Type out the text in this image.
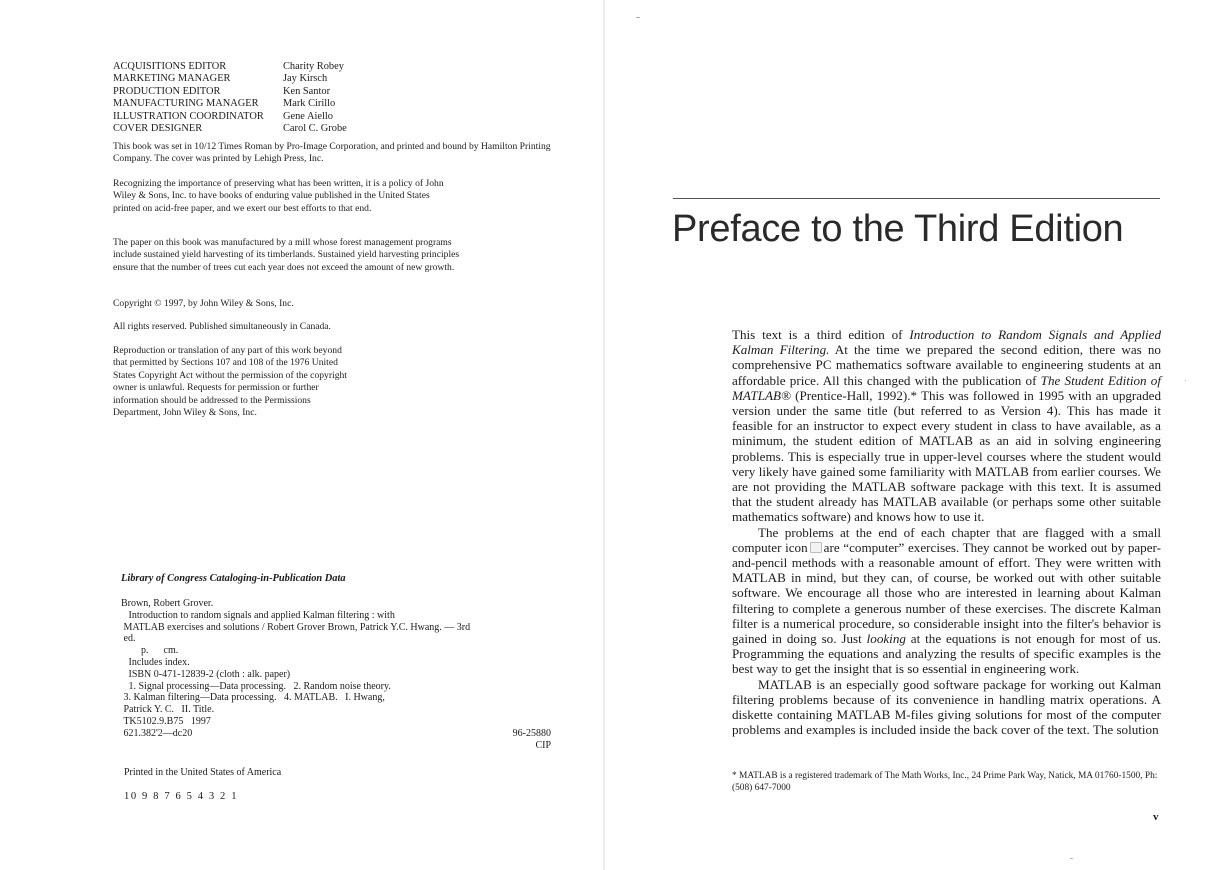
ACQUISITIONS EDITOR	Charity Robey
MARKETING MANAGER	Jay Kirsch
PRODUCTION EDITOR	Ken Santor
MANUFACTURING MANAGER	Mark Cirillo
ILLUSTRATION COORDINATOR	Gene Aiello
COVER DESIGNER	Carol C. Grobe
This book was set in 10/12 Times Roman by Pro-Image Corporation, and printed and bound by Hamilton Printing Company. The cover was printed by Lehigh Press, Inc.
Recognizing the importance of preserving what has been written, it is a policy of John Wiley & Sons, Inc. to have books of enduring value published in the United States printed on acid-free paper, and we exert our best efforts to that end.
The paper on this book was manufactured by a mill whose forest management programs include sustained yield harvesting of its timberlands. Sustained yield harvesting principles ensure that the number of trees cut each year does not exceed the amount of new growth.
Copyright © 1997, by John Wiley & Sons, Inc.
All rights reserved. Published simultaneously in Canada.
Reproduction or translation of any part of this work beyond that permitted by Sections 107 and 108 of the 1976 United States Copyright Act without the permission of the copyright owner is unlawful. Requests for permission or further information should be addressed to the Permissions Department, John Wiley & Sons, Inc.
Library of Congress Cataloging-in-Publication Data
Brown, Robert Grover.
Introduction to random signals and applied Kalman filtering : with
MATLAB exercises and solutions / Robert Grover Brown, Patrick Y.C. Hwang. — 3rd
ed.
p.      cm.
Includes index.
ISBN 0-471-12839-2 (cloth : alk. paper)
1. Signal processing—Data processing.   2. Random noise theory.
3. Kalman filtering—Data processing.   4. MATLAB.   I. Hwang,
Patrick Y. C.   II. Title.
TK5102.9.B75   1997
621.382'2—dc20	96-25880
CIP
Printed in the United States of America
10 9 8 7 6 5 4 3 2 1
Preface to the Third Edition

This text is a third edition of Introduction to Random Signals and Applied Kalman Filtering. At the time we prepared the second edition, there was no comprehensive PC mathematics software available to engineering students at an affordable price. All this changed with the publication of The Student Edition of MATLAB® (Prentice-Hall, 1992).* This was followed in 1995 with an upgraded version under the same title (but referred to as Version 4). This has made it feasible for an instructor to expect every student in class to have available, as a minimum, the student edition of MATLAB as an aid in solving engineering problems. This is especially true in upper-level courses where the student would very likely have gained some familiarity with MATLAB from earlier courses. We are not providing the MATLAB software package with this text. It is assumed that the student already has MATLAB available (or perhaps some other suitable mathematics software) and knows how to use it.

The problems at the end of each chapter that are flagged with a small computer icon are “computer” exercises. They cannot be worked out by paper-and-pencil methods with a reasonable amount of effort. They were written with MATLAB in mind, but they can, of course, be worked out with other suitable software. We encourage all those who are interested in learning about Kalman filtering to complete a generous number of these exercises. The discrete Kalman filter is a numerical procedure, so considerable insight into the filter's behavior is gained in doing so. Just looking at the equations is not enough for most of us. Programming the equations and analyzing the results of specific examples is the best way to get the insight that is so essential in engineering work.

MATLAB is an especially good software package for working out Kalman filtering problems because of its convenience in handling matrix operations. A diskette containing MATLAB M-files giving solutions for most of the computer problems and examples is included inside the back cover of the text. The solution

* MATLAB is a registered trademark of The Math Works, Inc., 24 Prime Park Way, Natick, MA 01760-1500, Ph: (508) 647-7000
v
